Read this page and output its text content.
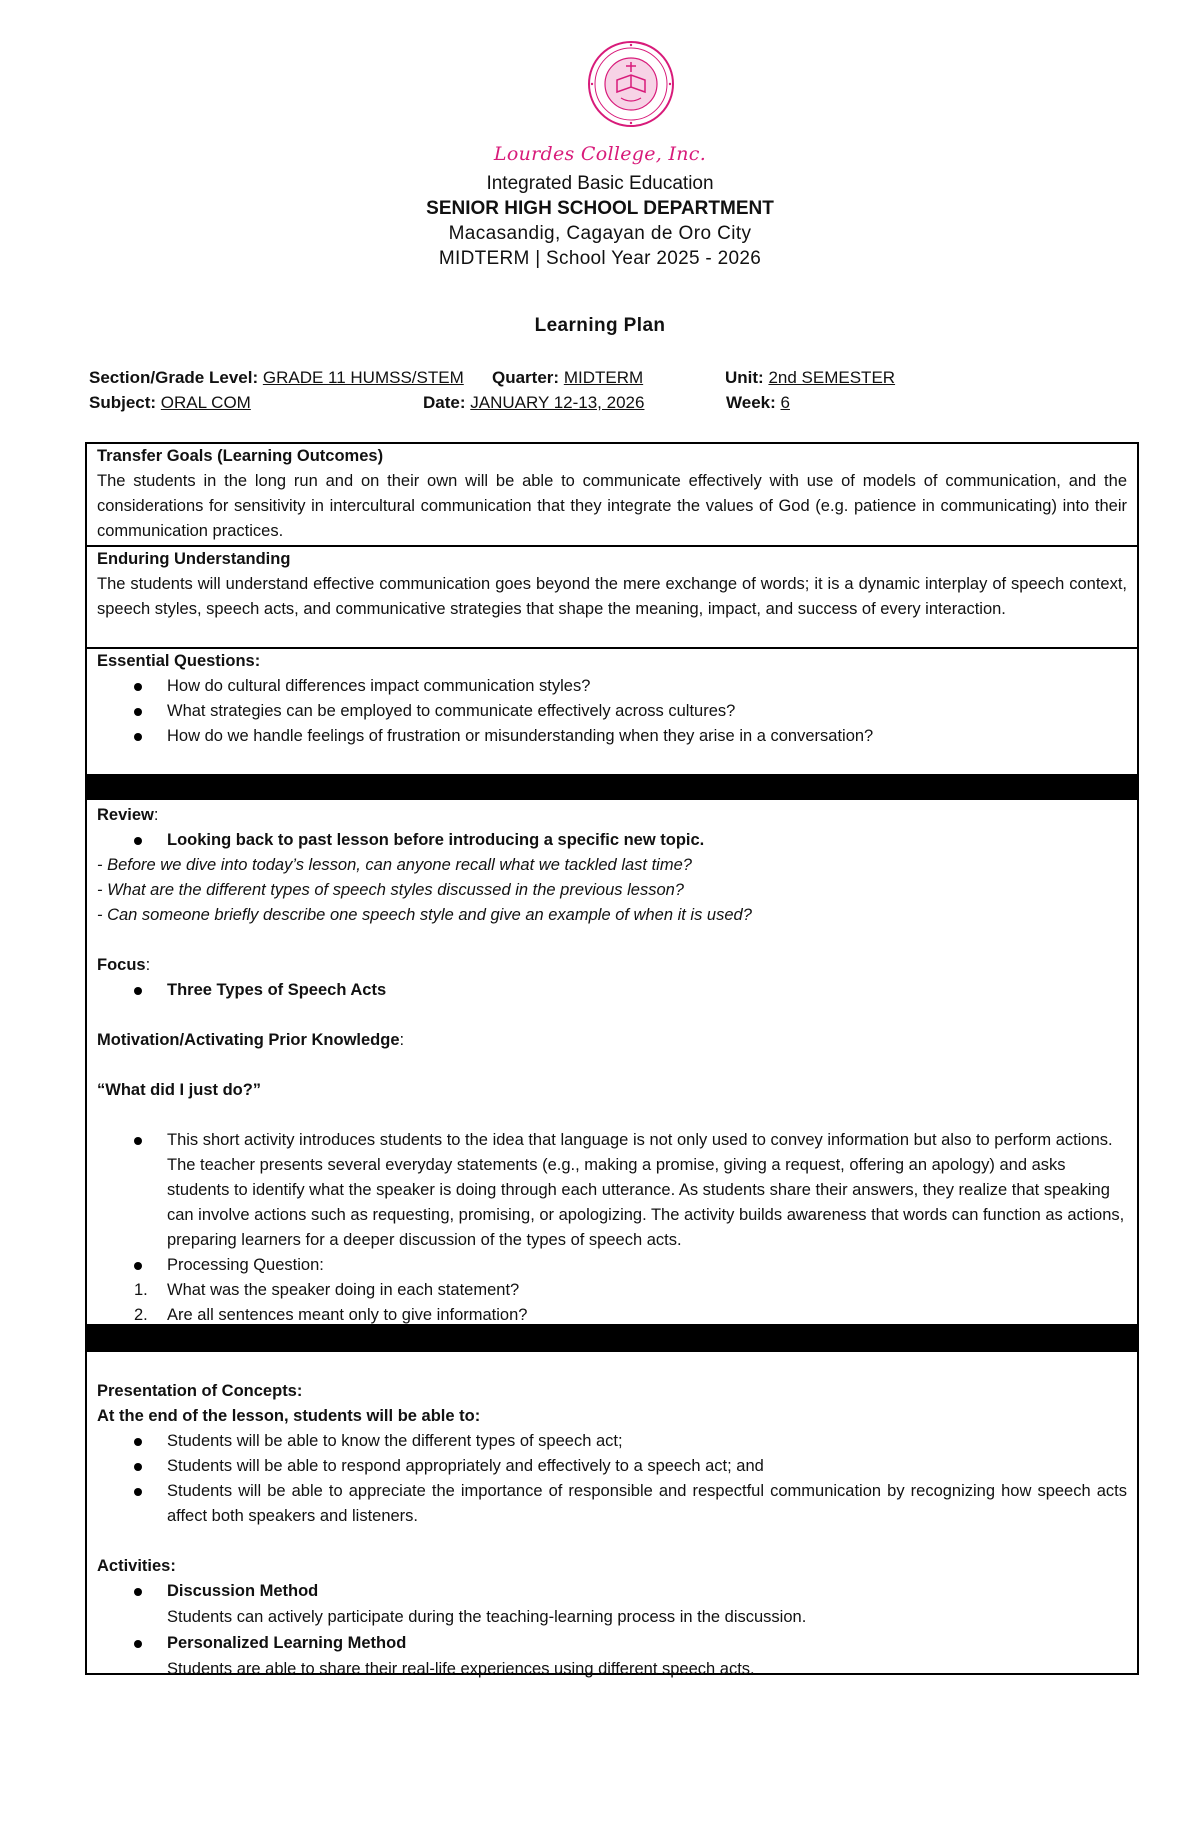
Lourdes College, Inc.
Integrated Basic Education
SENIOR HIGH SCHOOL DEPARTMENT
Macasandig, Cagayan de Oro City
MIDTERM | School Year 2025 - 2026
Learning Plan
Section/Grade Level: GRADE 11 HUMSS/STEM Quarter: MIDTERM	Unit: 2nd SEMESTER
Subject: ORAL COM	Date: JANUARY 12-13, 2026	Week: 6
Transfer Goals (Learning Outcomes)
The students in the long run and on their own will be able to communicate effectively with use of models of communication, and the considerations for sensitivity in intercultural communication that they integrate the values of God (e.g. patience in communicating) into their communication practices.
Enduring Understanding
The students will understand effective communication goes beyond the mere exchange of words; it is a dynamic interplay of speech context, speech styles, speech acts, and communicative strategies that shape the meaning, impact, and success of every interaction.
Essential Questions:
How do cultural differences impact communication styles?
What strategies can be employed to communicate effectively across cultures?
How do we handle feelings of frustration or misunderstanding when they arise in a conversation?
Review:
Looking back to past lesson before introducing a specific new topic.
- Before we dive into today’s lesson, can anyone recall what we tackled last time?
- What are the different types of speech styles discussed in the previous lesson?
- Can someone briefly describe one speech style and give an example of when it is used?
Focus:
Three Types of Speech Acts
Motivation/Activating Prior Knowledge:
“What did I just do?”
This short activity introduces students to the idea that language is not only used to convey information but also to perform actions. The teacher presents several everyday statements (e.g., making a promise, giving a request, offering an apology) and asks students to identify what the speaker is doing through each utterance. As students share their answers, they realize that speaking can involve actions such as requesting, promising, or apologizing. The activity builds awareness that words can function as actions, preparing learners for a deeper discussion of the types of speech acts.
Processing Question:
1. What was the speaker doing in each statement?
2. Are all sentences meant only to give information?
Presentation of Concepts:
At the end of the lesson, students will be able to:
Students will be able to know the different types of speech act;
Students will be able to respond appropriately and effectively to a speech act; and
Students will be able to appreciate the importance of responsible and respectful communication by recognizing how speech acts affect both speakers and listeners.
Activities:
Discussion Method
Students can actively participate during the teaching-learning process in the discussion.
Personalized Learning Method
Students are able to share their real-life experiences using different speech acts.
